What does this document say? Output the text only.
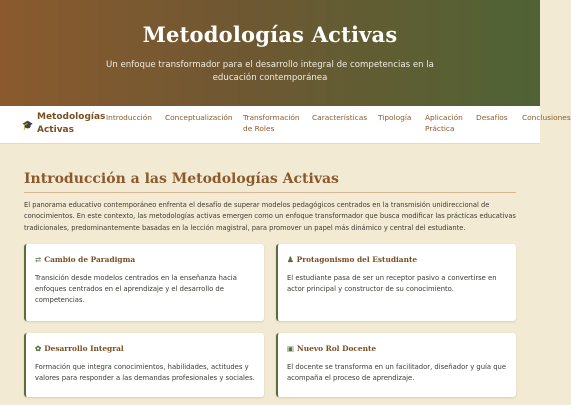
Metodologías Activas

Un enfoque transformador para el desarrollo integral de competencias en la educación contemporánea

🎓
Metodologías Activas
Introducción Conceptualización Transformación de Roles
Características Tipología Aplicación Práctica
Desafíos Conclusiones
Introducción a las Metodologías Activas

El panorama educativo contemporáneo enfrenta el desafío de superar modelos pedagógicos centrados en la transmisión unidireccional de conocimientos. En este contexto, las metodologías activas emergen como un enfoque transformador que busca modificar las prácticas educativas tradicionales, predominantemente basadas en la lección magistral, para promover un papel más dinámico y central del estudiante.

⇄ Cambio de Paradigma

Transición desde modelos centrados en la enseñanza hacia enfoques centrados en el aprendizaje y el desarrollo de competencias.

♟ Protagonismo del Estudiante

El estudiante pasa de ser un receptor pasivo a convertirse en actor principal y constructor de su conocimiento.

✿ Desarrollo Integral

Formación que integra conocimientos, habilidades, actitudes y valores para responder a las demandas profesionales y sociales.

▣ Nuevo Rol Docente

El docente se transforma en un facilitador, diseñador y guía que acompaña el proceso de aprendizaje.
